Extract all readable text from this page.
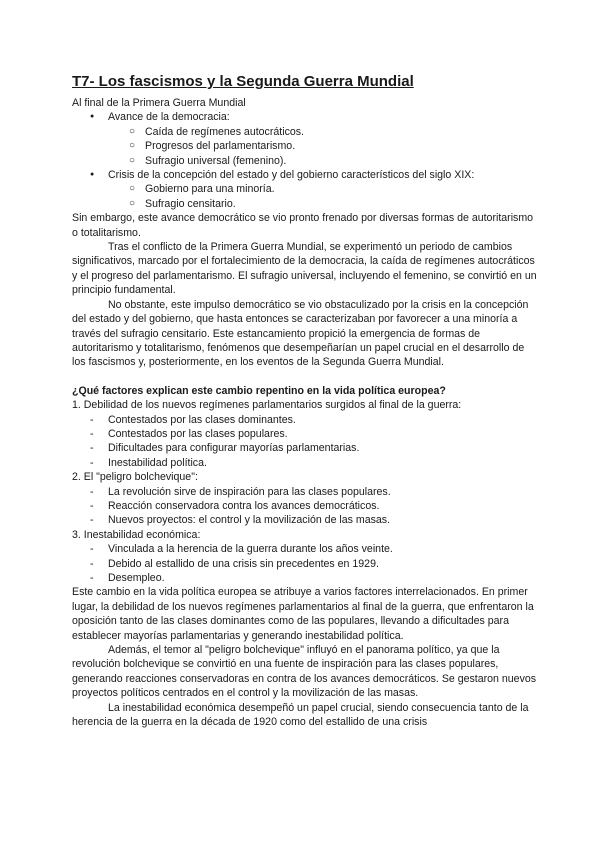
T7- Los fascismos y la Segunda Guerra Mundial

Al final de la Primera Guerra Mundial

● Avance de la democracia:
○ Caída de regímenes autocráticos.
○ Progresos del parlamentarismo.
○ Sufragio universal (femenino).
● Crisis de la concepción del estado y del gobierno característicos del siglo XIX:
○ Gobierno para una minoría.
○ Sufragio censitario.

Sin embargo, este avance democrático se vio pronto frenado por diversas formas de autoritarismo o totalitarismo.

Tras el conflicto de la Primera Guerra Mundial, se experimentó un periodo de cambios significativos, marcado por el fortalecimiento de la democracia, la caída de regímenes autocráticos y el progreso del parlamentarismo. El sufragio universal, incluyendo el femenino, se convirtió en un principio fundamental.

No obstante, este impulso democrático se vio obstaculizado por la crisis en la concepción del estado y del gobierno, que hasta entonces se caracterizaban por favorecer a una minoría a través del sufragio censitario. Este estancamiento propició la emergencia de formas de autoritarismo y totalitarismo, fenómenos que desempeñarían un papel crucial en el desarrollo de los fascismos y, posteriormente, en los eventos de la Segunda Guerra Mundial.

¿Qué factores explican este cambio repentino en la vida política europea?

1. Debilidad de los nuevos regímenes parlamentarios surgidos al final de la guerra:

- Contestados por las clases dominantes.
- Contestados por las clases populares.
- Dificultades para configurar mayorías parlamentarias.
- Inestabilidad política.

2. El "peligro bolchevique":

- La revolución sirve de inspiración para las clases populares.
- Reacción conservadora contra los avances democráticos.
- Nuevos proyectos: el control y la movilización de las masas.

3. Inestabilidad económica:

- Vinculada a la herencia de la guerra durante los años veinte.
- Debido al estallido de una crisis sin precedentes en 1929.
- Desempleo.

Este cambio en la vida política europea se atribuye a varios factores interrelacionados. En primer lugar, la debilidad de los nuevos regímenes parlamentarios al final de la guerra, que enfrentaron la oposición tanto de las clases dominantes como de las populares, llevando a dificultades para establecer mayorías parlamentarias y generando inestabilidad política.

Además, el temor al "peligro bolchevique" influyó en el panorama político, ya que la revolución bolchevique se convirtió en una fuente de inspiración para las clases populares, generando reacciones conservadoras en contra de los avances democráticos. Se gestaron nuevos proyectos políticos centrados en el control y la movilización de las masas.

La inestabilidad económica desempeñó un papel crucial, siendo consecuencia tanto de la herencia de la guerra en la década de 1920 como del estallido de una crisis
